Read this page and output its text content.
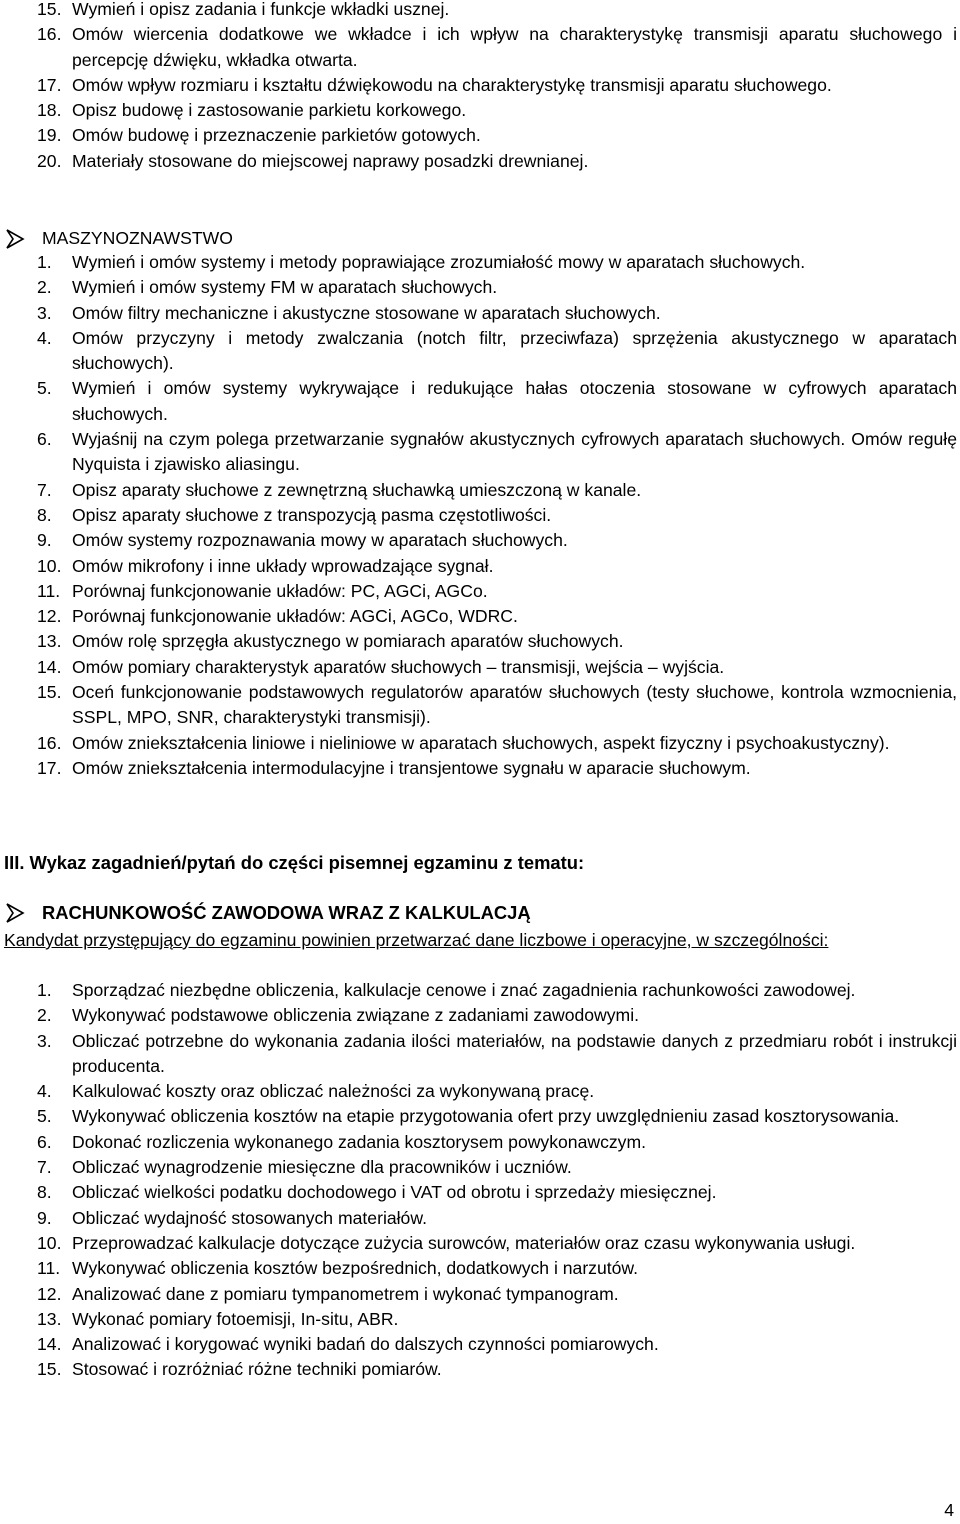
15. Wymień i opisz zadania i funkcje wkładki usznej.
16. Omów wiercenia dodatkowe we wkładce i ich wpływ na charakterystykę transmisji aparatu słuchowego i percepcję dźwięku, wkładka otwarta.
17. Omów wpływ rozmiaru i kształtu dźwiękowodu na charakterystykę transmisji aparatu słuchowego.
18. Opisz budowę i zastosowanie parkietu korkowego.
19. Omów budowę i przeznaczenie parkietów gotowych.
20. Materiały stosowane do miejscowej naprawy posadzki drewnianej.
MASZYNOZNAWSTWO
1. Wymień i omów systemy i metody poprawiające zrozumiałość mowy w aparatach słuchowych.
2. Wymień i omów systemy FM w aparatach słuchowych.
3. Omów filtry mechaniczne i akustyczne stosowane w aparatach słuchowych.
4. Omów przyczyny i metody zwalczania (notch filtr, przeciwfaza) sprzężenia akustycznego w aparatach słuchowych).
5. Wymień i omów systemy wykrywające i redukujące hałas otoczenia stosowane w cyfrowych aparatach słuchowych.
6. Wyjaśnij na czym polega przetwarzanie sygnałów akustycznych cyfrowych aparatach słuchowych. Omów regułę Nyquista i zjawisko aliasingu.
7. Opisz aparaty słuchowe z zewnętrzną słuchawką umieszczoną w kanale.
8. Opisz aparaty słuchowe z transpozycją pasma częstotliwości.
9. Omów systemy rozpoznawania mowy w aparatach słuchowych.
10. Omów mikrofony i inne układy wprowadzające sygnał.
11. Porównaj funkcjonowanie układów: PC, AGCi, AGCo.
12. Porównaj funkcjonowanie układów: AGCi, AGCo, WDRC.
13. Omów rolę sprzęgła akustycznego w pomiarach aparatów słuchowych.
14. Omów pomiary charakterystyk aparatów słuchowych – transmisji, wejścia – wyjścia.
15. Oceń funkcjonowanie podstawowych regulatorów aparatów słuchowych (testy słuchowe, kontrola wzmocnienia, SSPL, MPO, SNR, charakterystyki transmisji).
16. Omów zniekształcenia liniowe i nieliniowe w aparatach słuchowych, aspekt fizyczny i psychoakustyczny).
17. Omów zniekształcenia intermodulacyjne i transjentowe sygnału w aparacie słuchowym.
III. Wykaz zagadnień/pytań do części pisemnej egzaminu z tematu:
RACHUNKOWOŚĆ ZAWODOWA WRAZ Z KALKULACJĄ
Kandydat przystępujący do egzaminu powinien przetwarzać dane liczbowe i operacyjne, w szczególności:
1. Sporządzać niezbędne obliczenia, kalkulacje cenowe i znać zagadnienia rachunkowości zawodowej.
2. Wykonywać podstawowe obliczenia związane z zadaniami zawodowymi.
3. Obliczać potrzebne do wykonania zadania ilości materiałów, na podstawie danych z przedmiaru robót i instrukcji producenta.
4. Kalkulować koszty oraz obliczać należności za wykonywaną pracę.
5. Wykonywać obliczenia kosztów na etapie przygotowania ofert przy uwzględnieniu zasad kosztorysowania.
6. Dokonać rozliczenia wykonanego zadania kosztorysem powykonawczym.
7. Obliczać wynagrodzenie miesięczne dla pracowników i uczniów.
8. Obliczać wielkości podatku dochodowego i VAT od obrotu i sprzedaży miesięcznej.
9. Obliczać wydajność stosowanych materiałów.
10. Przeprowadzać kalkulacje dotyczące zużycia surowców, materiałów oraz czasu wykonywania usługi.
11. Wykonywać obliczenia kosztów bezpośrednich, dodatkowych i narzutów.
12. Analizować dane z pomiaru tympanometrem i wykonać tympanogram.
13. Wykonać pomiary fotoemisji, In-situ, ABR.
14. Analizować i korygować wyniki badań do dalszych czynności pomiarowych.
15. Stosować i rozróżniać różne techniki pomiarów.
4
